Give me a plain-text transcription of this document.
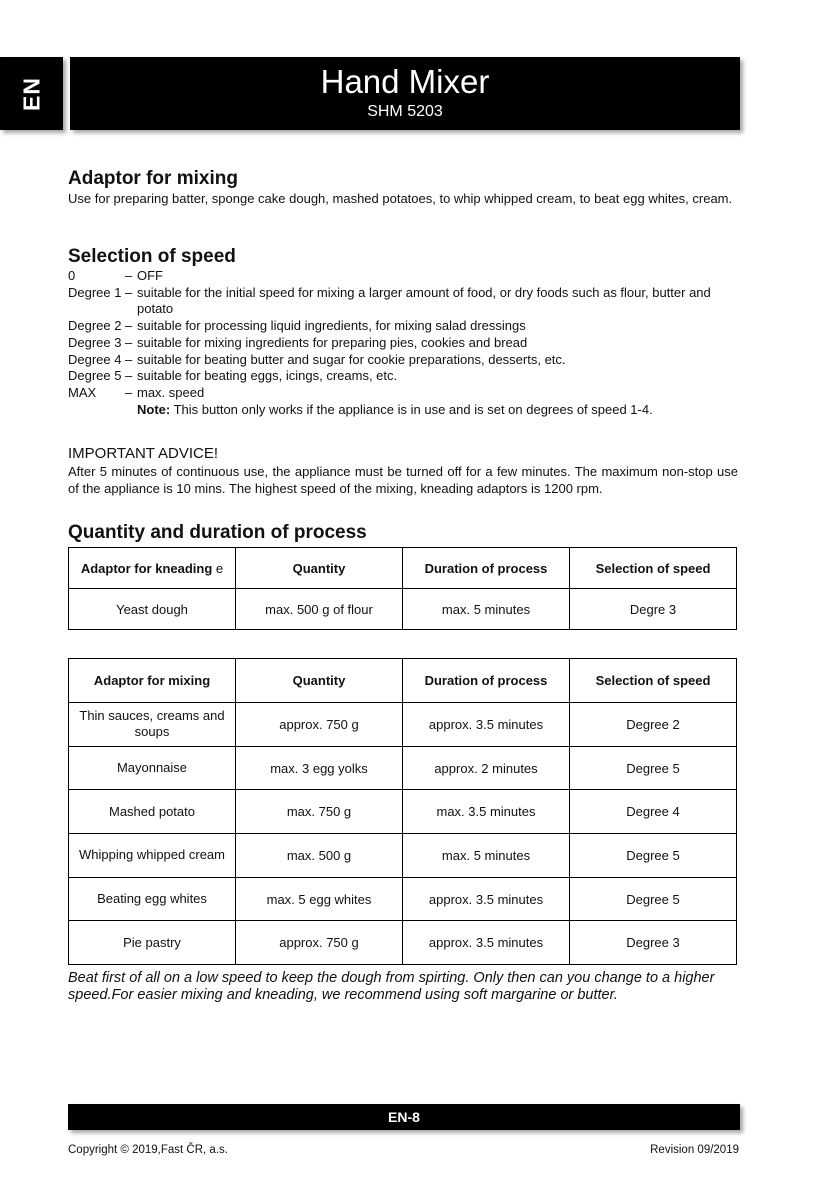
EN	Hand Mixer
SHM 5203
Adaptor for mixing

Use for preparing batter, sponge cake dough, mashed potatoes, to whip whipped cream, to beat egg whites, cream.

Selection of speed
0	– OFF
Degree 1 – suitable for the initial speed for mixing a larger amount of food, or dry foods such as flour, butter and potato
Degree 2 – suitable for processing liquid ingredients, for mixing salad dressings
Degree 3 – suitable for mixing ingredients for preparing pies, cookies and bread
Degree 4 – suitable for beating butter and sugar for cookie preparations, desserts, etc.
Degree 5 – suitable for beating eggs, icings, creams, etc.
MAX	– max. speed
Note: This button only works if the appliance is in use and is set on degrees of speed 1-4.
IMPORTANT ADVICE!

After 5 minutes of continuous use, the appliance must be turned off for a few minutes. The maximum non-stop use of the appliance is 10 mins. The highest speed of the mixing, kneading adaptors is 1200 rpm.

Quantity and duration of process
Adaptor for kneading e	Quantity	Duration of process	Selection of speed
Yeast dough	max. 500 g of flour	max. 5 minutes	Degre 3
Adaptor for mixing	Quantity	Duration of process	Selection of speed
Thin sauces, creams and soups	approx. 750 g	approx. 3.5 minutes	Degree 2
Mayonnaise	max. 3 egg yolks	approx. 2 minutes	Degree 5
Mashed potato	max. 750 g	max. 3.5 minutes	Degree 4
Whipping whipped cream	max. 500 g	max. 5 minutes	Degree 5
Beating egg whites	max. 5 egg whites	approx. 3.5 minutes	Degree 5
Pie pastry	approx. 750 g	approx. 3.5 minutes	Degree 3

Beat first of all on a low speed to keep the dough from spirting. Only then can you change to a higher speed.For easier mixing and kneading, we recommend using soft margarine or butter.

EN-8
Copyright © 2019,Fast ČR, a.s.	Revision 09/2019
